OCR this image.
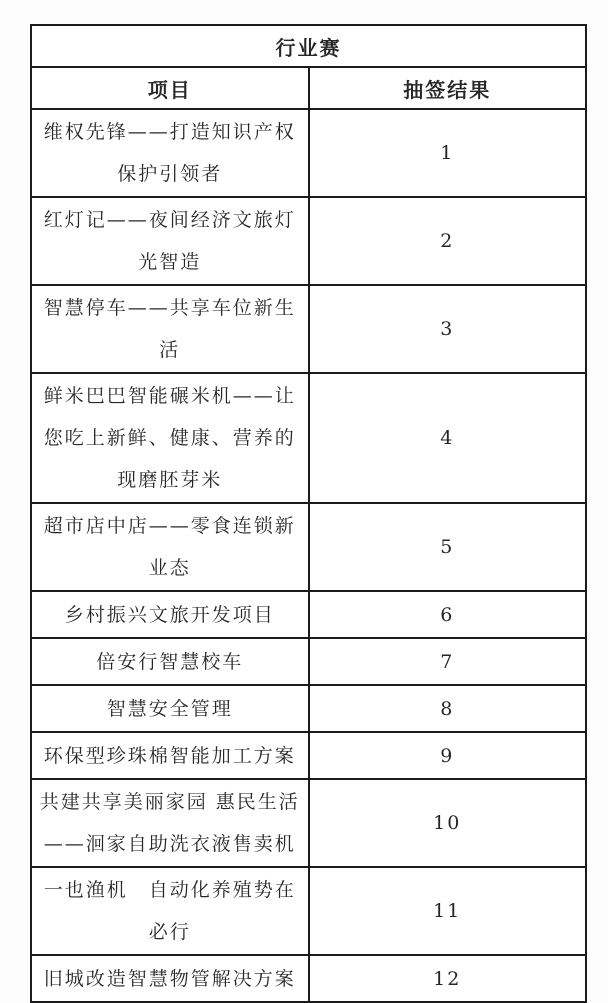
行业赛	
项目	抽签结果
维权先锋——打造知识产权保护引领者	1
红灯记——夜间经济文旅灯光智造	2
智慧停车——共享车位新生活	3
鲜米巴巴智能碾米机——让您吃上新鲜、健康、营养的现磨胚芽米	4
超市店中店——零食连锁新业态	5
乡村振兴文旅开发项目	6
倍安行智慧校车	7
智慧安全管理	8
环保型珍珠棉智能加工方案	9
共建共享美丽家园 惠民生活——洄家自助洗衣液售卖机	10
一也渔机　自动化养殖势在必行	11
旧城改造智慧物管解决方案	12
